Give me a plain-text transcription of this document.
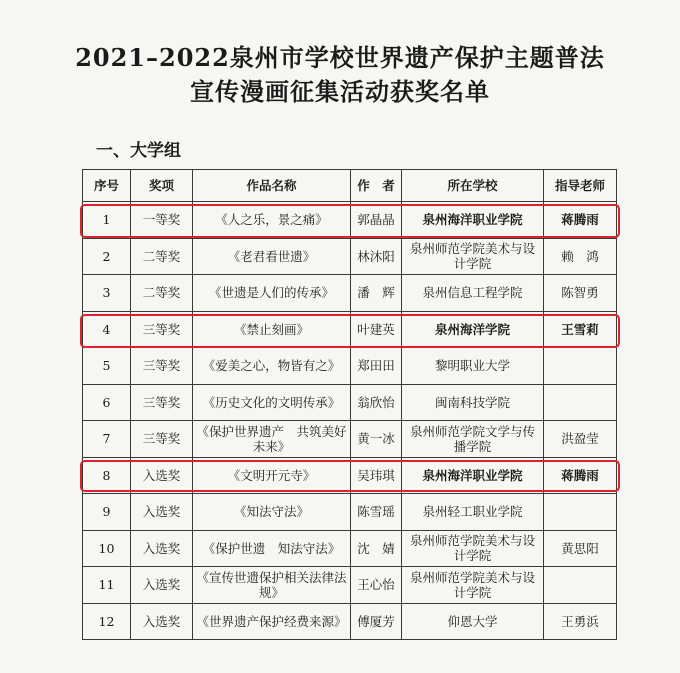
2021–2022泉州市学校世界遗产保护主题普法
宣传漫画征集活动获奖名单
一、大学组
序号	奖项	作品名称	作　者	所在学校	指导老师
1	一等奖	《人之乐，景之痛》	郭晶晶	泉州海洋职业学院	蒋腾雨
2	二等奖	《老君看世遗》	林沐阳	泉州师范学院美术与设计学院	赖　鸿
3	二等奖	《世遗是人们的传承》	潘　辉	泉州信息工程学院	陈智勇
4	三等奖	《禁止刻画》	叶建英	泉州海洋学院	王雪莉
5	三等奖	《爱美之心，物皆有之》	郑田田	黎明职业大学	
6	三等奖	《历史文化的文明传承》	翁欣怡	闽南科技学院	
7	三等奖	《保护世界遗产　共筑美好未来》	黄一冰	泉州师范学院文学与传播学院	洪盈莹
8	入选奖	《文明开元寺》	吴玮琪	泉州海洋职业学院	蒋腾雨
9	入选奖	《知法守法》	陈雪瑶	泉州轻工职业学院	
10	入选奖	《保护世遗　知法守法》	沈　婧	泉州师范学院美术与设计学院	黄思阳
11	入选奖	《宣传世遗保护相关法律法规》	王心怡	泉州师范学院美术与设计学院	
12	入选奖	《世界遗产保护经费来源》	傅厦芳	仰恩大学	王勇浜
